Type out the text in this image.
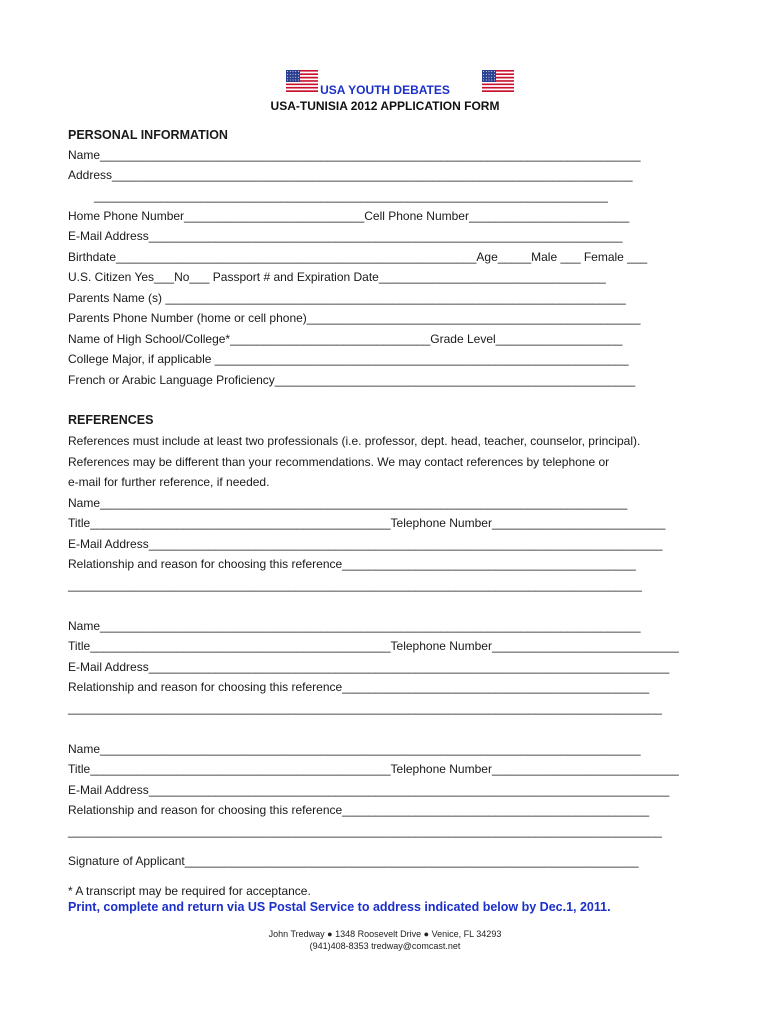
USA YOUTH DEBATES
USA-TUNISIA 2012 APPLICATION FORM
PERSONAL INFORMATION
Name_________________________________________________________________________________
Address______________________________________________________________________________
_____________________________________________________________________________
Home Phone Number___________________________Cell Phone Number________________________
E-Mail Address_______________________________________________________________________
Birthdate______________________________________________________Age_____Male ___ Female ___
U.S. Citizen Yes___No___ Passport # and Expiration Date__________________________________
Parents Name (s) _____________________________________________________________________
Parents Phone Number (home or cell phone)__________________________________________________
Name of High School/College*______________________________Grade Level___________________
College Major, if applicable ______________________________________________________________
French or Arabic Language Proficiency______________________________________________________
REFERENCES
References must include at least two professionals (i.e. professor, dept. head, teacher, counselor, principal).
References may be different than your recommendations. We may contact references by telephone or
e-mail for further reference, if needed.
Name_______________________________________________________________________________
Title_____________________________________________Telephone Number__________________________
E-Mail Address_____________________________________________________________________________
Relationship and reason for choosing this reference____________________________________________
______________________________________________________________________________________
Name_________________________________________________________________________________
Title_____________________________________________Telephone Number____________________________
E-Mail Address______________________________________________________________________________
Relationship and reason for choosing this reference______________________________________________
_________________________________________________________________________________________
Name_________________________________________________________________________________
Title_____________________________________________Telephone Number____________________________
E-Mail Address______________________________________________________________________________
Relationship and reason for choosing this reference______________________________________________
_________________________________________________________________________________________
Signature of Applicant____________________________________________________________________
* A transcript may be required for acceptance.
Print, complete and return via US Postal Service to address indicated below by Dec.1, 2011.
John Tredway ● 1348 Roosevelt Drive ● Venice, FL 34293
(941)408-8353 tredway@comcast.net
